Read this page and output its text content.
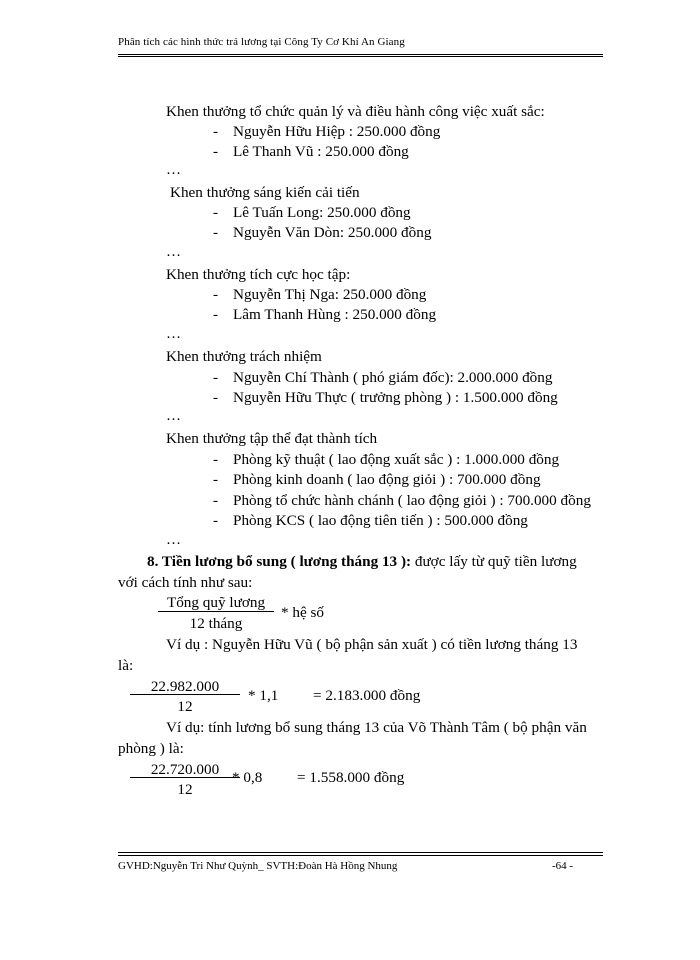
Phân tích các hình thức trả lương tại Công Ty Cơ Khí An Giang
Khen thưởng tổ chức quản lý và điều hành công việc xuất sắc:
- Nguyễn Hữu Hiệp : 250.000 đồng
- Lê Thanh Vũ : 250.000 đồng
…
Khen thưởng sáng kiến cải tiến
- Lê Tuấn Long: 250.000 đồng
- Nguyễn Văn Dòn: 250.000 đồng
…
Khen thưởng tích cực học tập:
- Nguyễn Thị Nga: 250.000 đồng
- Lâm Thanh Hùng : 250.000 đồng
…
Khen thưởng trách nhiệm
- Nguyễn Chí Thành ( phó giám đốc): 2.000.000 đồng
- Nguyễn Hữu Thực ( trưởng phòng ) : 1.500.000 đồng
…
Khen thưởng tập thể đạt thành tích
- Phòng kỹ thuật ( lao động xuất sắc ) : 1.000.000 đồng
- Phòng kinh doanh ( lao động giỏi ) : 700.000 đồng
- Phòng tổ chức hành chánh ( lao động giỏi ) : 700.000 đồng
- Phòng KCS ( lao động tiên tiến ) : 500.000 đồng
…
8. Tiền lương bổ sung ( lương tháng 13 ): được lấy từ quỹ tiền lương
với cách tính như sau:
Tổng quỹ lương
12 tháng
* hệ số
Ví dụ : Nguyễn Hữu Vũ ( bộ phận sản xuất ) có tiền lương tháng 13
là:
22.982.000
12
* 1,1 = 2.183.000 đồng
Ví dụ: tính lương bổ sung tháng 13 của Võ Thành Tâm ( bộ phận văn
phòng ) là:
22.720.000
12
* 0,8 = 1.558.000 đồng
GVHD:Nguyễn Tri Như Quỳnh_ SVTH:Đoàn Hà Hồng Nhung	-64 -
